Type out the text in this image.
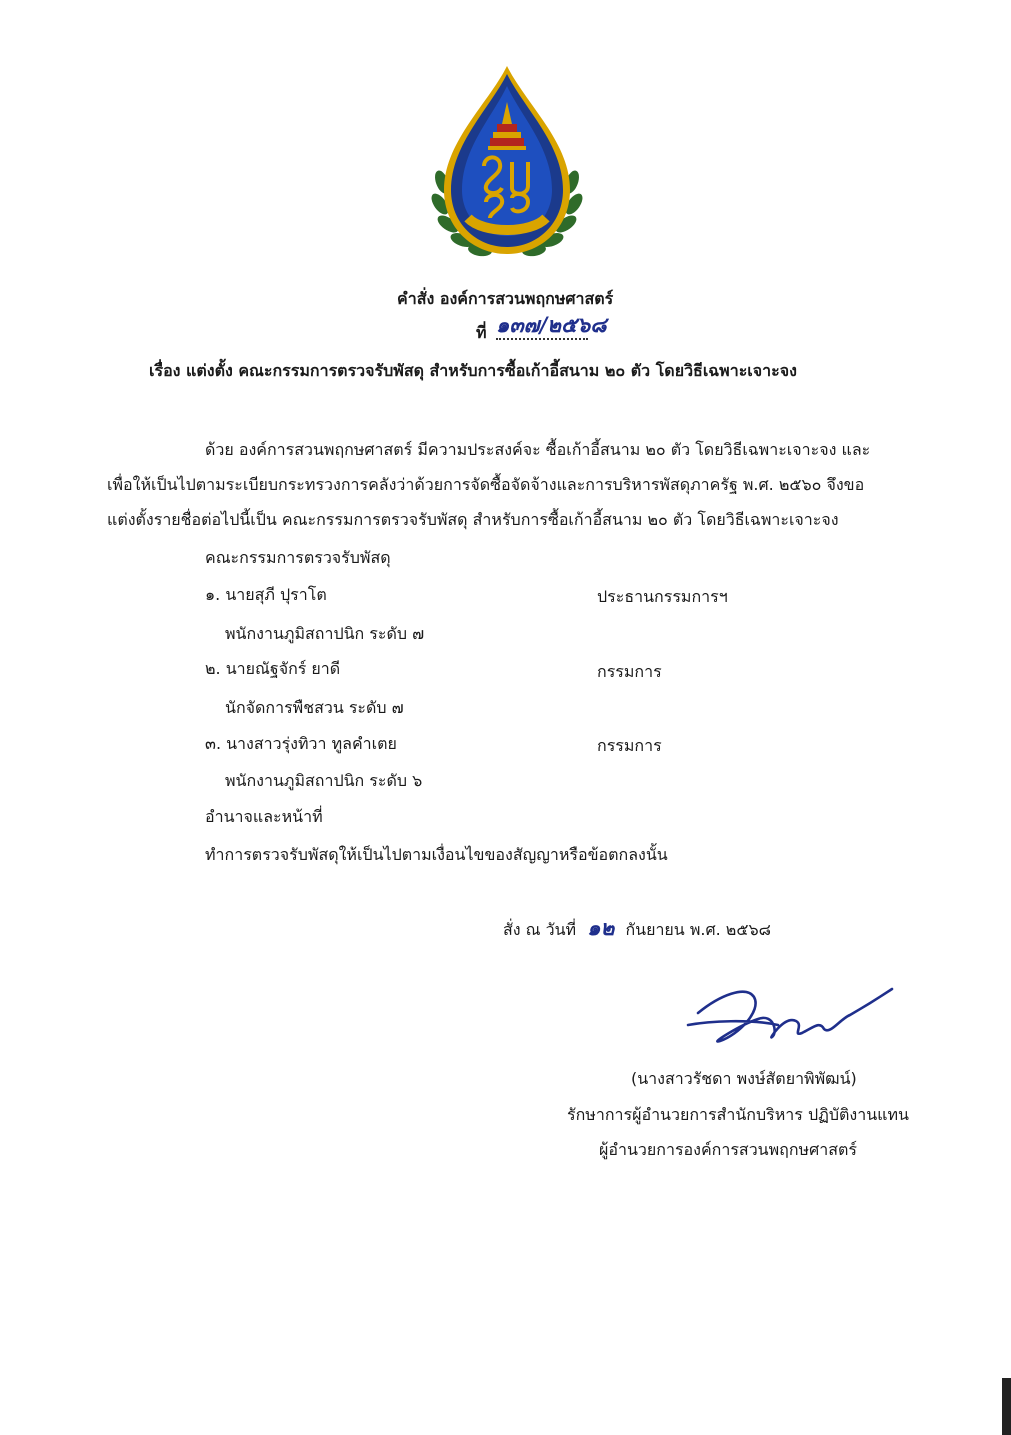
คำสั่ง องค์การสวนพฤกษศาสตร์
ที่ ๑๓๗/๒๕๖๘
เรื่อง แต่งตั้ง คณะกรรมการตรวจรับพัสดุ สำหรับการซื้อเก้าอี้สนาม ๒๐ ตัว โดยวิธีเฉพาะเจาะจง
ด้วย องค์การสวนพฤกษศาสตร์ มีความประสงค์จะ ซื้อเก้าอี้สนาม ๒๐ ตัว โดยวิธีเฉพาะเจาะจง และ
เพื่อให้เป็นไปตามระเบียบกระทรวงการคลังว่าด้วยการจัดซื้อจัดจ้างและการบริหารพัสดุภาครัฐ พ.ศ. ๒๕๖๐ จึงขอ
แต่งตั้งรายชื่อต่อไปนี้เป็น คณะกรรมการตรวจรับพัสดุ สำหรับการซื้อเก้าอี้สนาม ๒๐ ตัว โดยวิธีเฉพาะเจาะจง
คณะกรรมการตรวจรับพัสดุ
๑. นายสุภี ปุราโต	ประธานกรรมการฯ
พนักงานภูมิสถาปนิก ระดับ ๗
๒. นายณัฐจักร์ ยาดี	กรรมการ
นักจัดการพืชสวน ระดับ ๗
๓. นางสาวรุ่งทิวา ทูลคำเตย	กรรมการ
พนักงานภูมิสถาปนิก ระดับ ๖
อำนาจและหน้าที่
ทำการตรวจรับพัสดุให้เป็นไปตามเงื่อนไขของสัญญาหรือข้อตกลงนั้น
สั่ง ณ วันที่ ๑๒ กันยายน พ.ศ. ๒๕๖๘
(นางสาวรัชดา พงษ์สัตยาพิพัฒน์)
รักษาการผู้อำนวยการสำนักบริหาร ปฏิบัติงานแทน
ผู้อำนวยการองค์การสวนพฤกษศาสตร์
